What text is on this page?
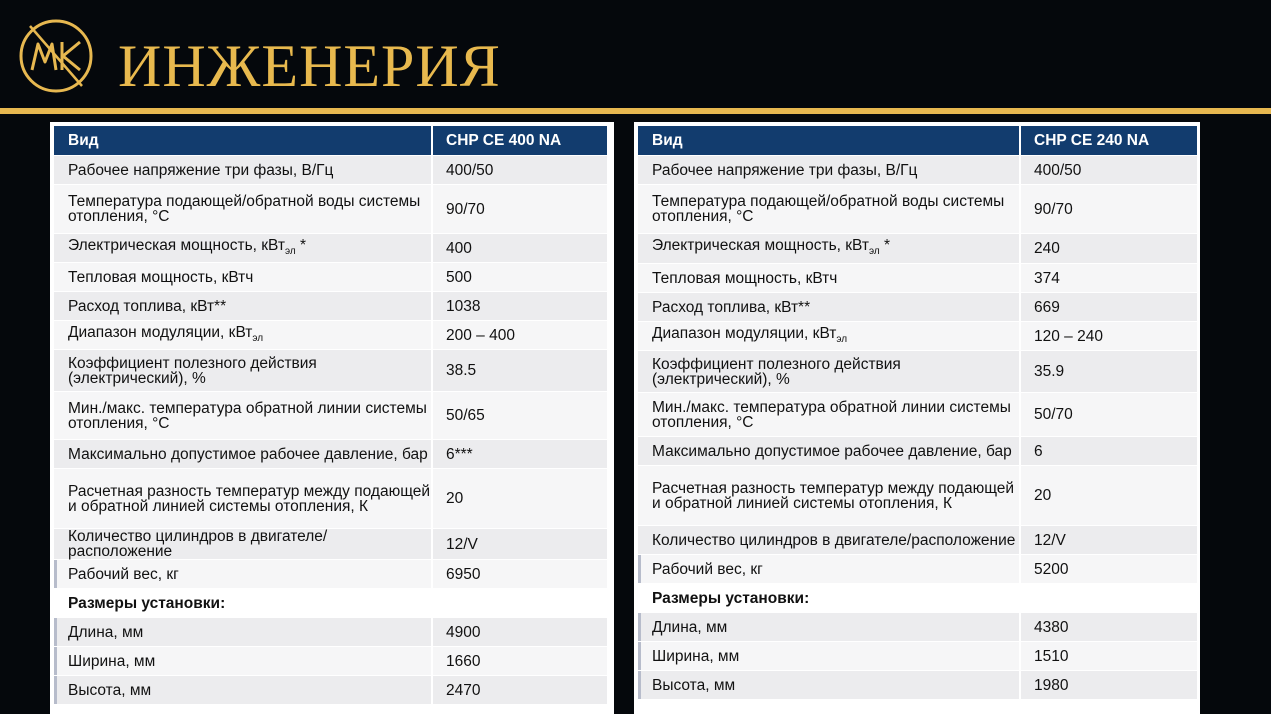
ИНЖЕНЕРИЯ
Вид	CHP CE 400 NA
Рабочее напряжение три фазы, В/Гц	400/50
Температура подающей/обратной воды системы отопления, °С	90/70
Электрическая мощность, кВт$_{эл}$ *	400
Тепловая мощность, кВтч	500
Расход топлива, кВт**	1038
Диапазон модуляции, кВт$_{эл}$	200 – 400
Коэффициент полезного действия (электрический), %	38.5
Мин./макс. температура обратной линии системы отопления, °С	50/65
Максимально допустимое рабочее давление, бар	6***
Расчетная разность температур между подающей и обратной линией системы отопления, К	20
Количество цилиндров в двигателе/расположение	12/V
Рабочий вес, кг	6950
Размеры установки:	
Длина, мм	4900
Ширина, мм	1660
Высота, мм	2470
Вид	CHP CE 240 NA
Рабочее напряжение три фазы, В/Гц	400/50
Температура подающей/обратной воды системы отопления, °С	90/70
Электрическая мощность, кВт$_{эл}$ *	240
Тепловая мощность, кВтч	374
Расход топлива, кВт**	669
Диапазон модуляции, кВт$_{эл}$	120 – 240
Коэффициент полезного действия (электрический), %	35.9
Мин./макс. температура обратной линии системы отопления, °С	50/70
Максимально допустимое рабочее давление, бар	6
Расчетная разность температур между подающей и обратной линией системы отопления, К	20
Количество цилиндров в двигателе/расположение	12/V
Рабочий вес, кг	5200
Размеры установки:	
Длина, мм	4380
Ширина, мм	1510
Высота, мм	1980
